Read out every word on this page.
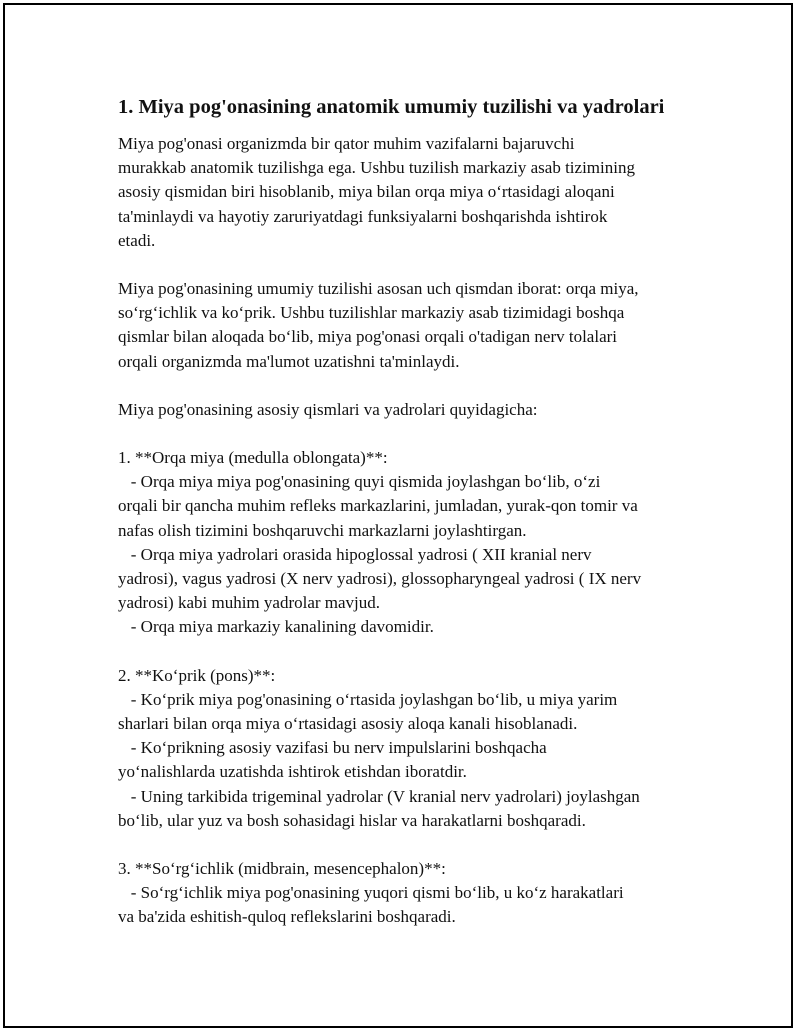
1. Miya pog'onasining anatomik umumiy tuzilishi va yadrolari

Miya pog'onasi organizmda bir qator muhim vazifalarni bajaruvchi
murakkab anatomik tuzilishga ega. Ushbu tuzilish markaziy asab tizimining
asosiy qismidan biri hisoblanib, miya bilan orqa miya o‘rtasidagi aloqani
ta'minlaydi va hayotiy zaruriyatdagi funksiyalarni boshqarishda ishtirok
etadi.

Miya pog'onasining umumiy tuzilishi asosan uch qismdan iborat: orqa miya,
so‘rg‘ichlik va ko‘prik. Ushbu tuzilishlar markaziy asab tizimidagi boshqa
qismlar bilan aloqada bo‘lib, miya pog'onasi orqali o'tadigan nerv tolalari
orqali organizmda ma'lumot uzatishni ta'minlaydi.

Miya pog'onasining asosiy qismlari va yadrolari quyidagicha:

1. **Orqa miya (medulla oblongata)**:
- Orqa miya miya pog'onasining quyi qismida joylashgan bo‘lib, o‘zi
orqali bir qancha muhim refleks markazlarini, jumladan, yurak-qon tomir va
nafas olish tizimini boshqaruvchi markazlarni joylashtirgan.
- Orqa miya yadrolari orasida hipoglossal yadrosi ( XII kranial nerv
yadrosi), vagus yadrosi (X nerv yadrosi), glossopharyngeal yadrosi ( IX nerv
yadrosi) kabi muhim yadrolar mavjud.
- Orqa miya markaziy kanalining davomidir.

2. **Ko‘prik (pons)**:
- Ko‘prik miya pog'onasining o‘rtasida joylashgan bo‘lib, u miya yarim
sharlari bilan orqa miya o‘rtasidagi asosiy aloqa kanali hisoblanadi.
- Ko‘prikning asosiy vazifasi bu nerv impulslarini boshqacha
yo‘nalishlarda uzatishda ishtirok etishdan iboratdir.
- Uning tarkibida trigeminal yadrolar (V kranial nerv yadrolari) joylashgan
bo‘lib, ular yuz va bosh sohasidagi hislar va harakatlarni boshqaradi.

3. **So‘rg‘ichlik (midbrain, mesencephalon)**:
- So‘rg‘ichlik miya pog'onasining yuqori qismi bo‘lib, u ko‘z harakatlari
va ba'zida eshitish-quloq reflekslarini boshqaradi.
